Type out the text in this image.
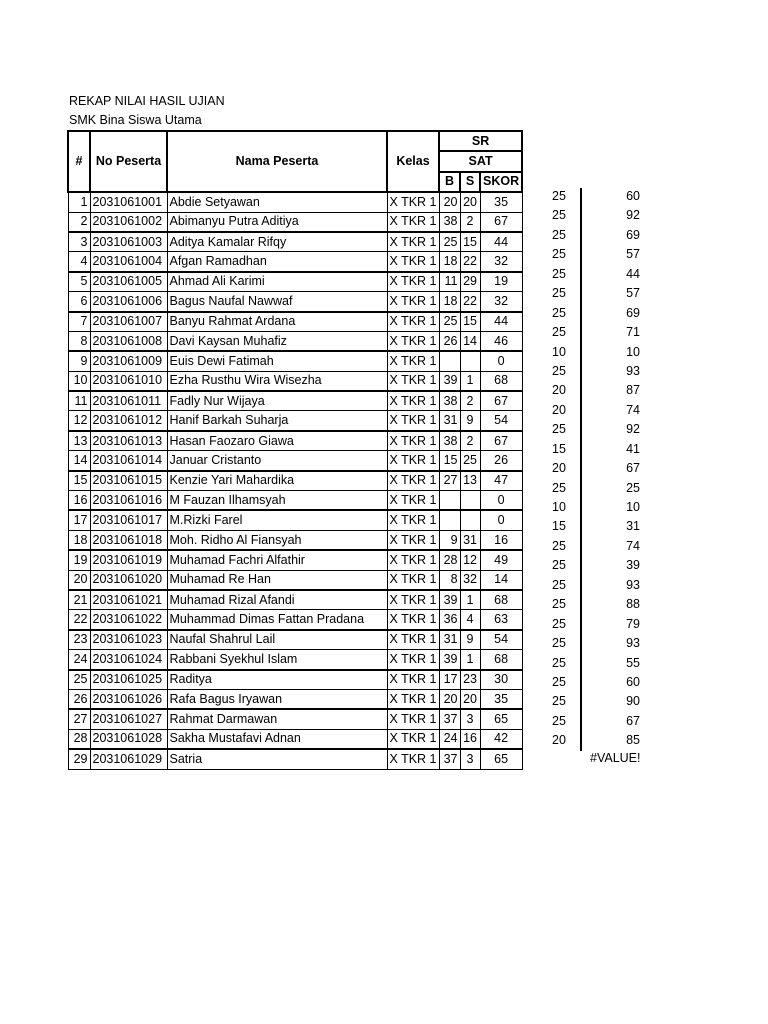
REKAP NILAI HASIL UJIAN
SMK Bina Siswa Utama
#	No Peserta	Nama Peserta	Kelas	SR		
				SAT		
				B	S	SKOR
1	2031061001	Abdie Setyawan	X TKR 1	20	20	35
2	2031061002	Abimanyu Putra Aditiya	X TKR 1	38	2	67
3	2031061003	Aditya Kamalar Rifqy	X TKR 1	25	15	44
4	2031061004	Afgan Ramadhan	X TKR 1	18	22	32
5	2031061005	Ahmad Ali Karimi	X TKR 1	11	29	19
6	2031061006	Bagus Naufal Nawwaf	X TKR 1	18	22	32
7	2031061007	Banyu Rahmat Ardana	X TKR 1	25	15	44
8	2031061008	Davi Kaysan Muhafiz	X TKR 1	26	14	46
9	2031061009	Euis Dewi Fatimah	X TKR 1			0
10	2031061010	Ezha Rusthu Wira Wisezha	X TKR 1	39	1	68
11	2031061011	Fadly Nur Wijaya	X TKR 1	38	2	67
12	2031061012	Hanif Barkah Suharja	X TKR 1	31	9	54
13	2031061013	Hasan Faozaro Giawa	X TKR 1	38	2	67
14	2031061014	Januar Cristanto	X TKR 1	15	25	26
15	2031061015	Kenzie Yari Mahardika	X TKR 1	27	13	47
16	2031061016	M Fauzan Ilhamsyah	X TKR 1			0
17	2031061017	M.Rizki Farel	X TKR 1			0
18	2031061018	Moh. Ridho Al Fiansyah	X TKR 1	9	31	16
19	2031061019	Muhamad Fachri Alfathir	X TKR 1	28	12	49
20	2031061020	Muhamad Re Han	X TKR 1	8	32	14
21	2031061021	Muhamad Rizal Afandi	X TKR 1	39	1	68
22	2031061022	Muhammad Dimas Fattan Pradana	X TKR 1	36	4	63
23	2031061023	Naufal Shahrul Lail	X TKR 1	31	9	54
24	2031061024	Rabbani Syekhul Islam	X TKR 1	39	1	68
25	2031061025	Raditya	X TKR 1	17	23	30
26	2031061026	Rafa Bagus Iryawan	X TKR 1	20	20	35
27	2031061027	Rahmat Darmawan	X TKR 1	37	3	65
28	2031061028	Sakha Mustafavi Adnan	X TKR 1	24	16	42
29	2031061029	Satria	X TKR 1	37	3	65
25	60
25	92
25	69
25	57
25	44
25	57
25	69
25	71
10	10
25	93
20	87
20	74
25	92
15	41
20	67
25	25
10	10
15	31
25	74
25	39
25	93
25	88
25	79
25	93
25	55
25	60
25	90
25	67
20	85
#VALUE!
